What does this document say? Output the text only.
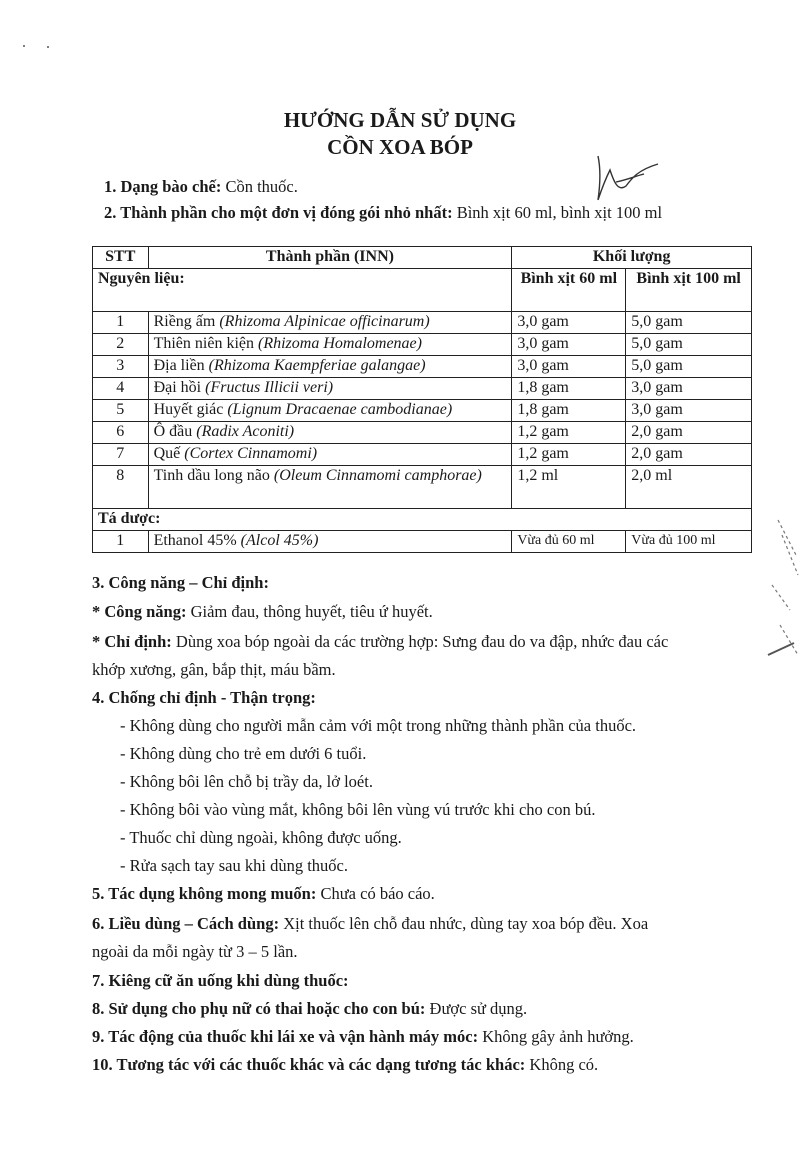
HƯỚNG DẪN SỬ DỤNG
CỒN XOA BÓP
1. Dạng bào chế: Cồn thuốc.
2. Thành phần cho một đơn vị đóng gói nhỏ nhất: Bình xịt 60 ml, bình xịt 100 ml
STT	Thành phần (INN)	Khối lượng	
Nguyên liệu:		Bình xịt 60 ml	Bình xịt 100 ml
1	Riềng ấm (Rhizoma Alpinicae officinarum)	3,0 gam	5,0 gam
2	Thiên niên kiện (Rhizoma Homalomenae)	3,0 gam	5,0 gam
3	Địa liền (Rhizoma Kaempferiae galangae)	3,0 gam	5,0 gam
4	Đại hồi (Fructus Illicii veri)	1,8 gam	3,0 gam
5	Huyết giác (Lignum Dracaenae cambodianae)	1,8 gam	3,0 gam
6	Ô đầu (Radix Aconiti)	1,2 gam	2,0 gam
7	Quế (Cortex Cinnamomi)	1,2 gam	2,0 gam
8	Tinh dầu long não (Oleum Cinnamomi camphorae)	1,2 ml	2,0 ml
Tá dược:			
1	Ethanol 45% (Alcol 45%)	Vừa đủ 60 ml	Vừa đủ 100 ml
3. Công năng – Chỉ định:
* Công năng: Giảm đau, thông huyết, tiêu ứ huyết.
* Chỉ định: Dùng xoa bóp ngoài da các trường hợp: Sưng đau do va đập, nhức đau các
khớp xương, gân, bắp thịt, máu bầm.
4. Chống chỉ định - Thận trọng:
- Không dùng cho người mẫn cảm với một trong những thành phần của thuốc.
- Không dùng cho trẻ em dưới 6 tuổi.
- Không bôi lên chỗ bị trầy da, lở loét.
- Không bôi vào vùng mắt, không bôi lên vùng vú trước khi cho con bú.
- Thuốc chỉ dùng ngoài, không được uống.
- Rửa sạch tay sau khi dùng thuốc.
5. Tác dụng không mong muốn: Chưa có báo cáo.
6. Liều dùng – Cách dùng: Xịt thuốc lên chỗ đau nhức, dùng tay xoa bóp đều. Xoa
ngoài da mỗi ngày từ 3 – 5 lần.
7. Kiêng cữ ăn uống khi dùng thuốc:
8. Sử dụng cho phụ nữ có thai hoặc cho con bú: Được sử dụng.
9. Tác động của thuốc khi lái xe và vận hành máy móc: Không gây ảnh hưởng.
10. Tương tác với các thuốc khác và các dạng tương tác khác: Không có.
